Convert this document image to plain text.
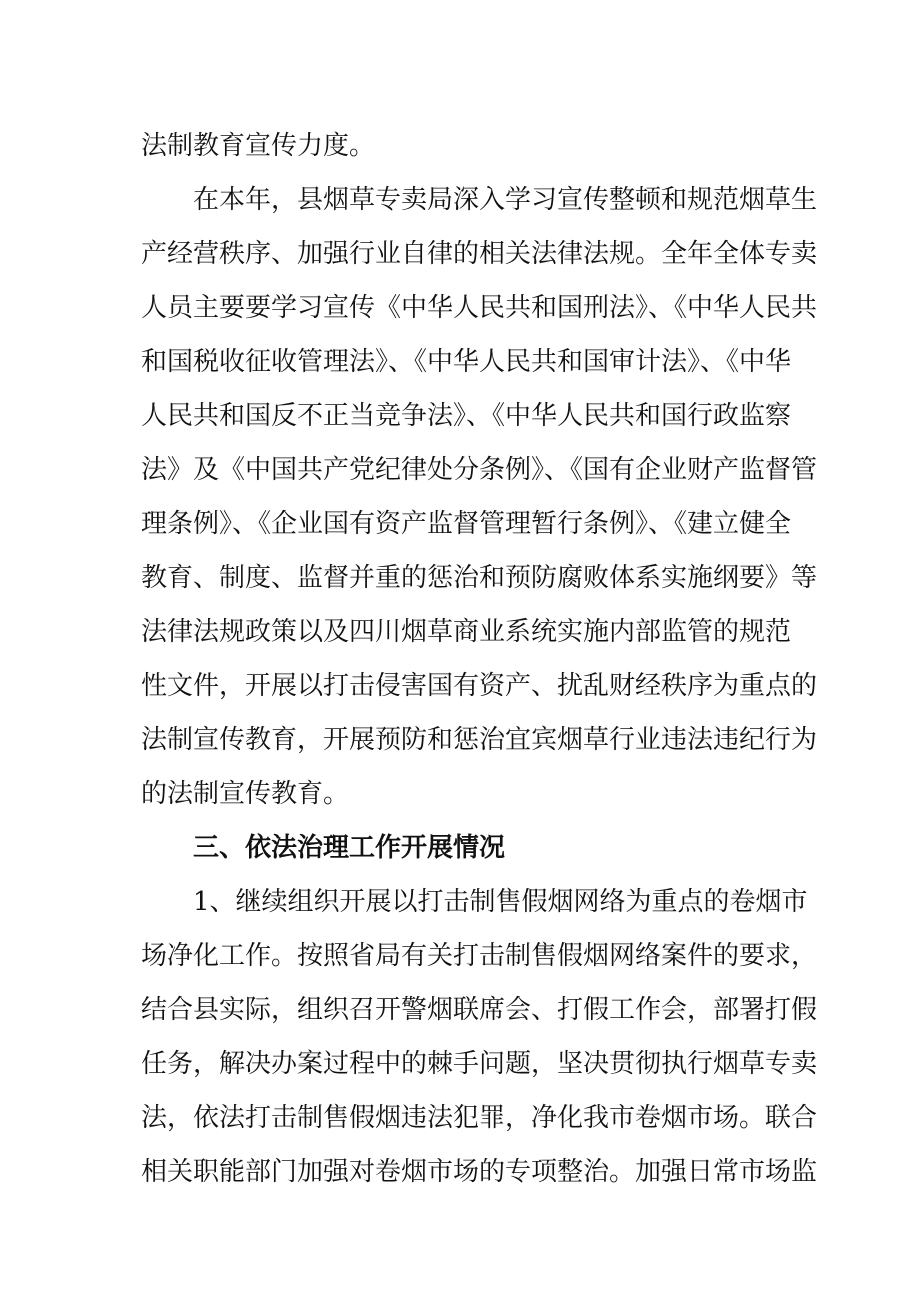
法制教育宣传力度。
在本年，县烟草专卖局深入学习宣传整顿和规范烟草生
产经营秩序、加强行业自律的相关法律法规。全年全体专卖
人员主要要学习宣传《中华人民共和国刑法》、《中华人民共
和国税收征收管理法》、《中华人民共和国审计法》、《中华
人民共和国反不正当竞争法》、《中华人民共和国行政监察
法》及《中国共产党纪律处分条例》、《国有企业财产监督管
理条例》、《企业国有资产监督管理暂行条例》、《建立健全
教育、制度、监督并重的惩治和预防腐败体系实施纲要》等
法律法规政策以及四川烟草商业系统实施内部监管的规范
性文件，开展以打击侵害国有资产、扰乱财经秩序为重点的
法制宣传教育，开展预防和惩治宜宾烟草行业违法违纪行为
的法制宣传教育。
三、依法治理工作开展情况
1、继续组织开展以打击制售假烟网络为重点的卷烟市
场净化工作。按照省局有关打击制售假烟网络案件的要求，
结合县实际，组织召开警烟联席会、打假工作会，部署打假
任务，解决办案过程中的棘手问题，坚决贯彻执行烟草专卖
法，依法打击制售假烟违法犯罪，净化我市卷烟市场。联合
相关职能部门加强对卷烟市场的专项整治。加强日常市场监
